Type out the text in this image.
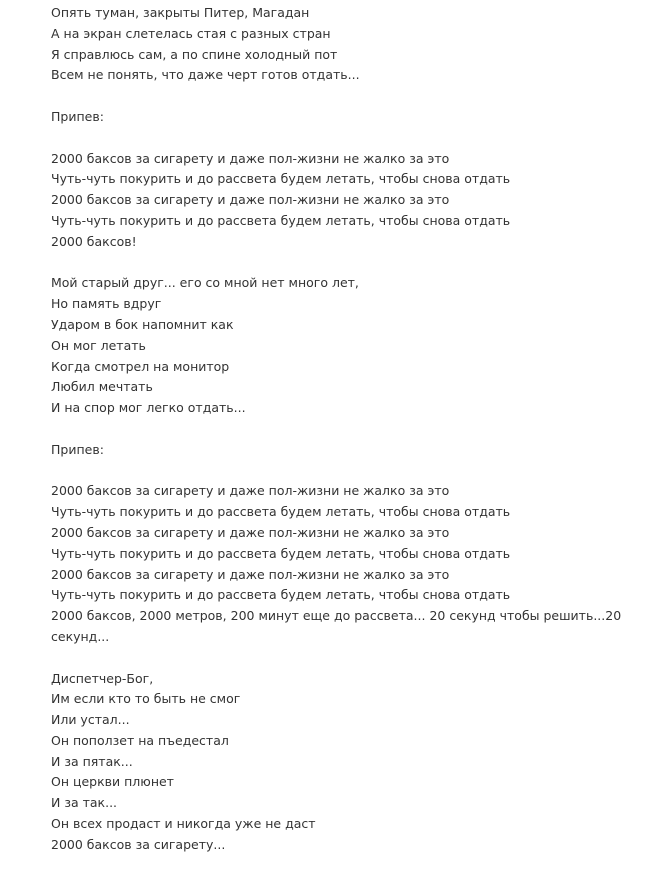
Опять туман, закрыты Питер, Магадан
А на экран слетелась стая с разных стран
Я справлюсь сам, а по спине холодный пот
Всем не понять, что даже черт готов отдать...

Припев:

2000 баксов за сигарету и даже пол-жизни не жалко за это
Чуть-чуть покурить и до рассвета будем летать, чтобы снова отдать
2000 баксов за сигарету и даже пол-жизни не жалко за это
Чуть-чуть покурить и до рассвета будем летать, чтобы снова отдать
2000 баксов!

Мой старый друг... его со мной нет много лет,
Но память вдруг
Ударом в бок напомнит как
Он мог летать
Когда смотрел на монитор
Любил мечтать
И на спор мог легко отдать...

Припев:

2000 баксов за сигарету и даже пол-жизни не жалко за это
Чуть-чуть покурить и до рассвета будем летать, чтобы снова отдать
2000 баксов за сигарету и даже пол-жизни не жалко за это
Чуть-чуть покурить и до рассвета будем летать, чтобы снова отдать
2000 баксов за сигарету и даже пол-жизни не жалко за это
Чуть-чуть покурить и до рассвета будем летать, чтобы снова отдать
2000 баксов, 2000 метров, 200 минут еще до рассвета... 20 секунд чтобы решить...20
секунд...

Диспетчер-Бог,
Им если кто то быть не смог
Или устал...
Он поползет на пъедестал
И за пятак...
Он церкви плюнет
И за так...
Он всех продаст и никогда уже не даст
2000 баксов за сигарету...
